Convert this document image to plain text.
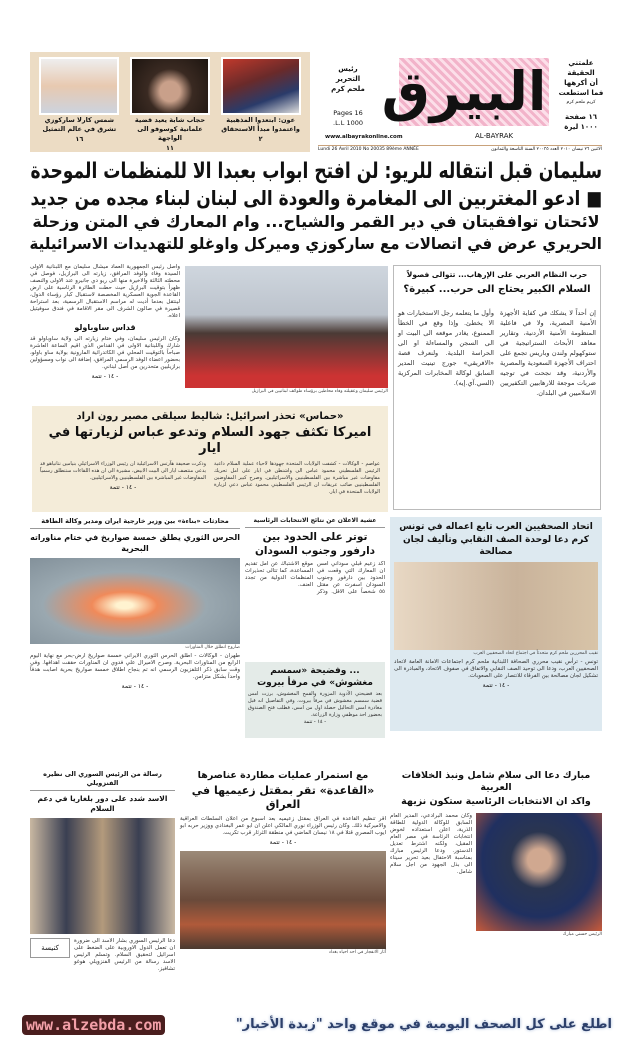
شمس كارلا ساركوزي تشرق في عالم التمثيل
١٦
حجاب شابة يعيد قضية علمانية كوسوفو الى الواجهة
١١
عون: ابتعدوا المذهبية واعتمدوا مبدأ الاستحقاق
٢
رئيس التحرير
ملحم كرم
16 Pages
1000 L.L.
البيرق
AL-BAYRAK
www.albayrakonline.com
علمتني
الحقيقة
أن أكرهها
فما استطعت
كريم ملحم كرم
١٦ صفحة
١٠٠٠ ليرة
الاثنين ٢٦ نيسان ٢٠١٠ العدد ٢٠٠٣٥ السنة التاسعة والثمانون
Lundi 26 Avril 2010 No 20035 89ème ANNÉE
سليمان قبل انتقاله للريو: لن افتح ابواب بعبدا الا للمنظمات الموحدة
■ ادعو المغتربين الى المغامرة والعودة الى لبنان لبناء مجده من جديد
لائحتان توافقيتان في دير القمر والشياح... وام المعارك في المتن وزحلة
الحريري عرض في اتصالات مع ساركوزي وميركل واوغلو للتهديدات الاسرائيلية
واصل رئيس الجمهورية العماد ميشال سليمان مع اللبنانية الاولى السيدة وفاء والوفد المرافق، زيارته الى البرازيل، فوصل في محطته الثالثة والاخيرة منها الى ريو دي جانيرو عند الاولى والنصف ظهراً بتوقيت البرازيل حيث حطت الطائرة الرئاسية على ارض القاعدة الجوية العسكرية المخصصة لاستقبال كبار رؤساء الدول، لينتقل بعدما أديت له مراسم الاستقبال الرسمية، بعد استراحة قصيرة في صالون الشرف الى مقر الاقامة في فندق سوفيتيل اعلاه.
قداس ساوباولو
وكان الرئيس سليمان، وفي ختام زيارته الى ولاية ساوباولو قد شارك واللبنانية الاولى في القداس الذي اقيم الساعة العاشرة صباحاً بالتوقيت المحلي في الكاتدرائية المارونية بولاية ساو باولو، بحضور اعضاء الوفد الرسمي المرافق، إضافة الى نواب ومسؤولين برازيليين متحدرين من أصل لبناني.
- ١٤ - تتمة
الرئيس سليمان وعقيلته وفاء محاطين برؤساء طوائف لبنانيين في البرازيل
حرب النظام العربي على الإرهاب... تتوالى فصولاً
السلام الكبير يحتاج الى حرب... كبيرة؟
إن أحداً لا يشكك في كفاية الأجهزة الأمنية المصرية، ولا في فاعلية المنظومة الأمنية الأردنية، وتقارير معاهد الأبحاث الستراتيجية في ستوكهولم ولندن وباريس تجمع على احتراف الأجهزة السعودية والمصرية والأردنية، وقد نجحت في توجيه ضربات موجعة للارهابيين التكفيريين الاسلاميين في البلدان.
وأول ما يتعلمه رجل الاستخبارات هو الا يخطئ. وإذا وقع في الخطأ الممنوع، يغادر موقعه الى البيت او الى السجن والمساءلة او الى الحراسة البلدية. ولنعرف قصة «الافريقي» جورج تينيت المدير السابق لوكالة المخابرات المركزية (السي.آي.إيه).
«حماس» تحذر اسرائيل: شاليط سيلقى مصير رون اراد
اميركا تكثف جهود السلام وتدعو عباس لزيارتها في ايار
عواصم - الوكالات - كشفت الولايات المتحدة جهودها لاحياء عملية السلام داعية الرئيس الفلسطيني محمود عباس الى واشنطن في ايار على امل تحريك مفاوضات غير مباشرة بين الفلسطينيين والاسرائيليين. وصرح كبير المفاوضين الفلسطينيين صائب عريقات ان الرئيس الفلسطيني محمود عباس دعي لزيارة الولايات المتحدة في ايار.
وذكرت صحيفة هآرتس الاسرائيلية ان رئيس الوزراء الاسرائيلي بنيامين نتانياهو قد يدعى منتصف ايار الى البيت الابيض، مشيرة الى ان هذه اللقاءات ستنطلق رسمياً المفاوضات غير المباشرة بين الفلسطينيين والاسرائيليين.
- ١٤ - تتمة
اتحاد الصحفيين العرب تابع اعماله في تونس
كرم دعا لوحدة الصف النقابي وتأليف لجان مصالحة
نقيب المحررين ملحم كرم متحدثاً في اجتماع اتحاد الصحفيين العرب
تونس - ترأس نقيب محرري الصحافة اللبنانية ملحم كرم اجتماعات الامانة العامة لاتحاد الصحفيين العرب، ودعا الى توحيد الصف النقابي والاتفاق في صفوف الاتحاد، والمبادرة الى تشكيل لجان مصالحة بين الفرقاء للانتصار على الصعوبات.
- ١٤ - تتمة
عشية الاعلان عن نتائج الانتخابات الرئاسية
توتر على الحدود بين دارفور وجنوب السودان
اكد زعيم قبلي سوداني امس ان المعارك التي وقعت في الحدود بين دارفور وجنوب السودان اسفرت عن مقتل ٥٥ شخصاً على الاقل. وذكر موقع الاشتباك عن امل تقديم المساعدة، كما تتالى تحذيرات المنظمات الدولية من تجدد العنف.
... وفضيحة «سمسم مغشوش» في مرفأ بيروت
بعد فضيحتي الأدوية المزورة والقمح المغشوش، برزت امس قضية سمسم مغشوش في مرفأ بيروت. وفي التفاصيل انه قبل مغادرة امس التحاليل حصلة اول من امس، فطلب فتح الصندوق بحضور احد موظفي وزارة الزراعة.
- ١٤ - تتمة
محادثات «بناءة» بين وزير خارجية ايران ومدير وكالة الطاقة
الحرس الثوري يطلق خمسة صواريخ في ختام مناوراته البحرية
صاروخ انطلق خلال المناورات
طهران - الوكالات - اطلق الحرس الثوري الايراني خمسة صواريخ ارض-بحر مع نهاية اليوم الرابع من المناورات البحرية. وصرح الاميرال علي فدوي ان المناورات حققت اهدافها. وفي وقت سابق ذكر التلفزيون الرسمي انه تم بنجاح اطلاق خمسة صواريخ بحرية اصابت هدفاً واحداً بشكل متزامن.
- ١٤ - تتمة
رسالة من الرئيس السوري الى نظيره الفنزويلي
الاسد شدد على دور بلغاريا في دعم السلام
دعا الرئيس السوري بشار الاسد الى ضرورة ان تعمل الدول الاوروبية على الضغط على اسرائيل لتحقيق السلام. وتسلم الرئيس الاسد رسالة من الرئيس الفنزويلي هوغو تشافيز.
كنيسة
مع استمرار عمليات مطاردة عناصرها
«القاعدة» تقر بمقتل زعيميها في العراق
اقر تنظيم القاعدة في العراق بمقتل زعيميه بعد اسبوع من اعلان السلطات العراقية والاميركية ذلك. وكان رئيس الوزراء نوري المالكي اعلن ان ابو عمر البغدادي ووزير حربه ابو ايوب المصري قتلا في ١٨ نيسان الماضي في منطقة الثرثار قرب تكريت.
- ١٤ - تتمة
آثار الانفجار في احد احياء بغداد
مبارك دعا الى سلام شامل ونبذ الخلافات العربية
واكد ان الانتخابات الرئاسية ستكون نزيهة
الرئيس حسني مبارك
وكان محمد البرادعي، المدير العام السابق للوكالة الدولية للطاقة الذرية، اعلن استعداده لخوض انتخابات الرئاسة في مصر العام المقبل، ولكنه اشترط تعديل الدستور. ودعا الرئيس مبارك بمناسبة الاحتفال بعيد تحرير سيناء الى بذل الجهود من اجل سلام شامل.
www.alzebda.com	اطلع على كل الصحف اليومية في موقع واحد "زبدة الأخبار"
